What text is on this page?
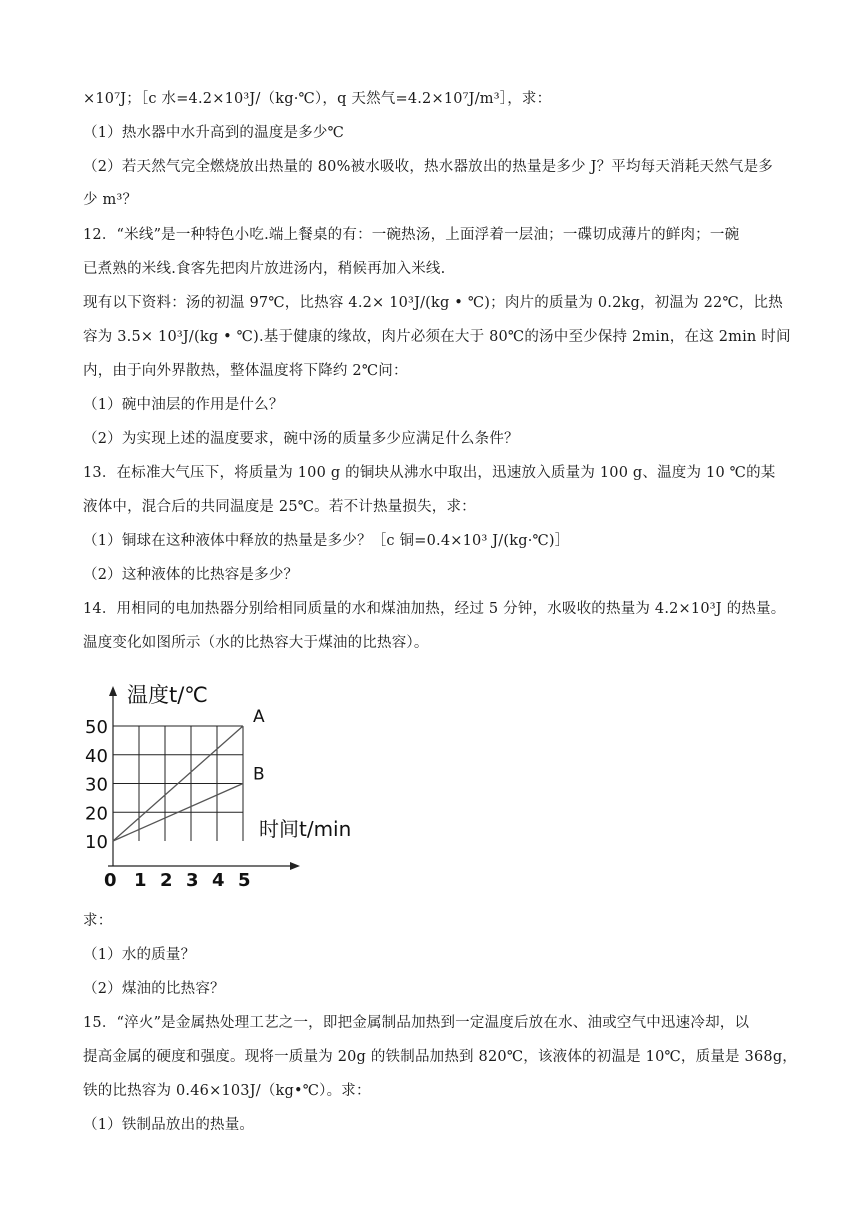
×10⁷J；［c 水=4.2×10³J/（kg·℃），q 天然气=4.2×10⁷J/m³］，求：
（1）热水器中水升高到的温度是多少℃
（2）若天然气完全燃烧放出热量的 80%被水吸收，热水器放出的热量是多少 J？平均每天消耗天然气是多
少 m³？
12．“米线”是一种特色小吃.端上餐桌的有：一碗热汤，上面浮着一层油；一碟切成薄片的鲜肉；一碗
已煮熟的米线.食客先把肉片放进汤内，稍候再加入米线.
现有以下资料：汤的初温 97℃，比热容 4.2× 10³J/(kg • ℃)；肉片的质量为 0.2kg，初温为 22℃，比热
容为 3.5× 10³J/(kg • ℃).基于健康的缘故，肉片必须在大于 80℃的汤中至少保持 2min，在这 2min 时间
内，由于向外界散热，整体温度将下降约 2℃问：
（1）碗中油层的作用是什么？
（2）为实现上述的温度要求，碗中汤的质量多少应满足什么条件？
13．在标准大气压下，将质量为 100 g 的铜块从沸水中取出，迅速放入质量为 100 g、温度为 10 ℃的某
液体中，混合后的共同温度是 25℃。若不计热量损失，求：
（1）铜球在这种液体中释放的热量是多少？［c 铜=0.4×10³ J/(kg·℃)］
（2）这种液体的比热容是多少？
14．用相同的电加热器分别给相同质量的水和煤油加热，经过 5 分钟，水吸收的热量为 4.2×10³J 的热量。
温度变化如图所示（水的比热容大于煤油的比热容）。
A
B
10
20
30
40
50
0 1 2 3 4 5
温度t/℃
时间t/min
求：
（1）水的质量？
（2）煤油的比热容？
15．“淬火”是金属热处理工艺之一，即把金属制品加热到一定温度后放在水、油或空气中迅速冷却，以
提高金属的硬度和强度。现将一质量为 20g 的铁制品加热到 820℃，该液体的初温是 10℃，质量是 368g，
铁的比热容为 0.46×103J/（kg•℃）。求：
（1）铁制品放出的热量。
